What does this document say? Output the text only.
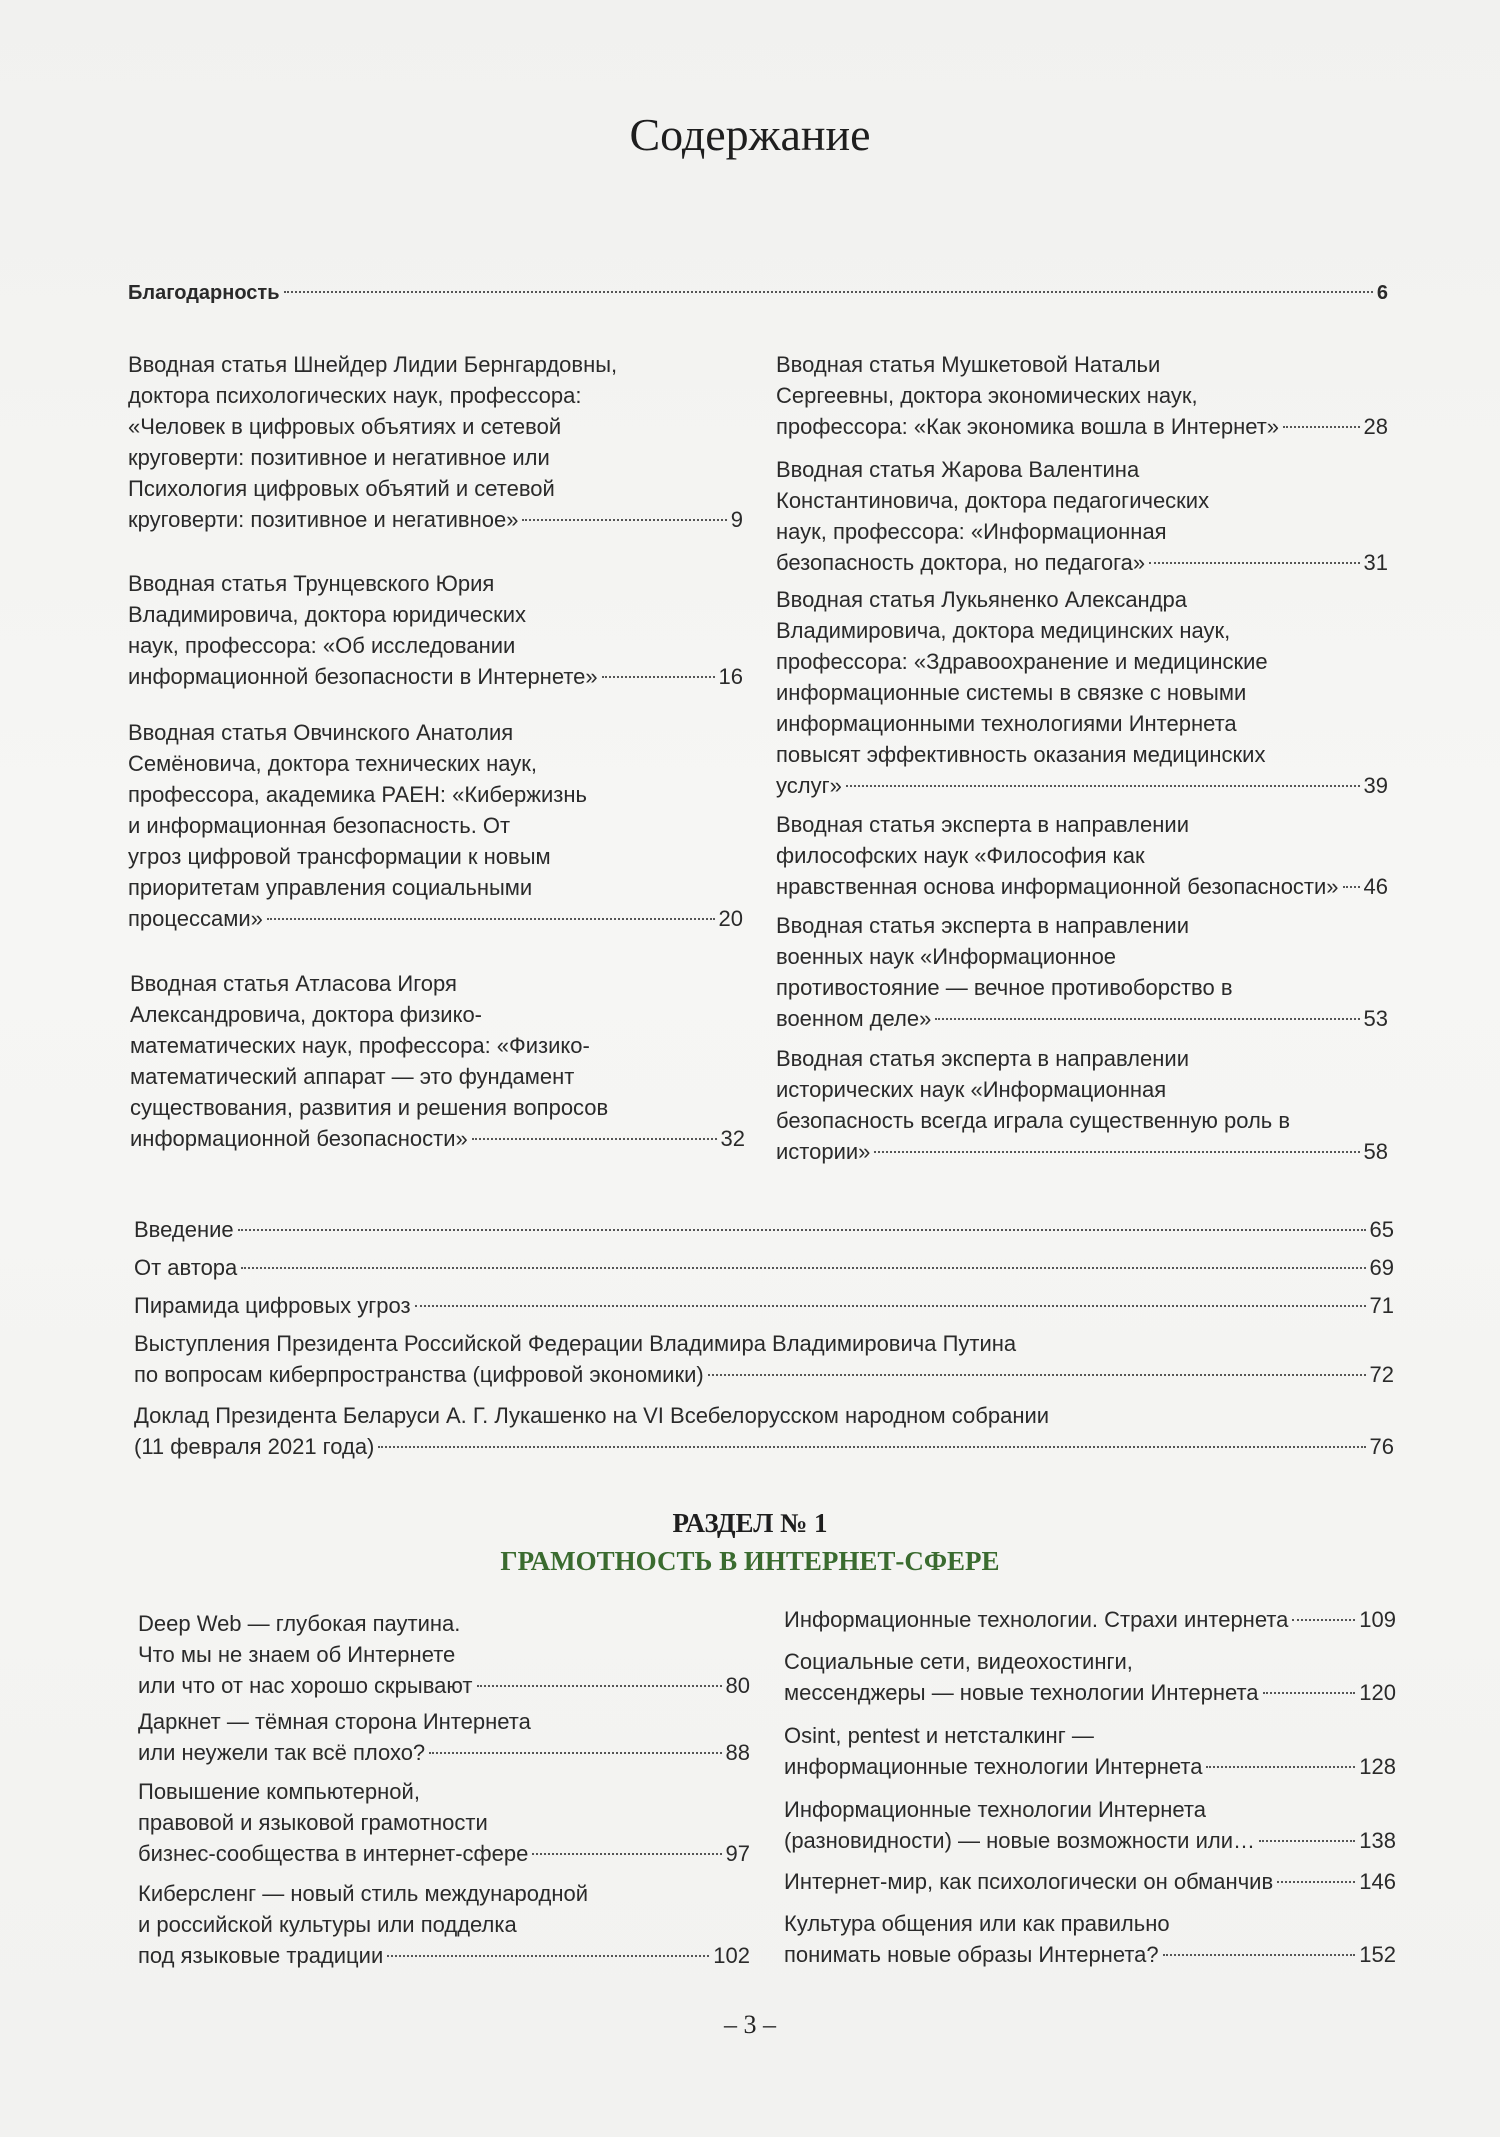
Содержание
Благодарность	6
Вводная статья Шнейдер Лидии Бернгардовны,
доктора психологических наук, профессора:
«Человек в цифровых объятиях и сетевой
круговерти: позитивное и негативное или
Психология цифровых объятий и сетевой
круговерти: позитивное и негативное»	9
Вводная статья Трунцевского Юрия
Владимировича, доктора юридических
наук, профессора: «Об исследовании
информационной безопасности в Интернете»	16
Вводная статья Овчинского Анатолия
Семёновича, доктора технических наук,
профессора, академика РАЕН: «Кибержизнь
и информационная безопасность. От
угроз цифровой трансформации к новым
приоритетам управления социальными
процессами»	20
Вводная статья Атласова Игоря
Александровича, доктора физико-
математических наук, профессора: «Физико-
математический аппарат — это фундамент
существования, развития и решения вопросов
информационной безопасности»	32
Вводная статья Мушкетовой Натальи
Сергеевны, доктора экономических наук,
профессора: «Как экономика вошла в Интернет»	28
Вводная статья Жарова Валентина
Константиновича, доктора педагогических
наук, профессора: «Информационная
безопасность доктора, но педагога»	31
Вводная статья Лукьяненко Александра
Владимировича, доктора медицинских наук,
профессора: «Здравоохранение и медицинские
информационные системы в связке с новыми
информационными технологиями Интернета
повысят эффективность оказания медицинских
услуг»	39
Вводная статья эксперта в направлении
философских наук «Философия как
нравственная основа информационной безопасности» 46
Вводная статья эксперта в направлении
военных наук «Информационное
противостояние — вечное противоборство в
военном деле»	53
Вводная статья эксперта в направлении
исторических наук «Информационная
безопасность всегда играла существенную роль в
истории»	58
Введение	65
От автора	69
Пирамида цифровых угроз	71
Выступления Президента Российской Федерации Владимира Владимировича Путина
по вопросам киберпространства (цифровой экономики)	72
Доклад Президента Беларуси А. Г. Лукашенко на VI Всебелорусском народном собрании
(11 февраля 2021 года)	76
РАЗДЕЛ № 1
ГРАМОТНОСТЬ В ИНТЕРНЕТ-СФЕРЕ
Deep Web — глубокая паутина.
Что мы не знаем об Интернете
или что от нас хорошо скрывают	80
Даркнет — тёмная сторона Интернета
или неужели так всё плохо?	88
Повышение компьютерной,
правовой и языковой грамотности
бизнес-сообщества в интернет-сфере	97
Киберсленг — новый стиль международной
и российской культуры или подделка
под языковые традиции	102
Информационные технологии. Страхи интернета	109
Социальные сети, видеохостинги,
мессенджеры — новые технологии Интернета	120
Osint, pentest и нетсталкинг —
информационные технологии Интернета	128
Информационные технологии Интернета
(разновидности) — новые возможности или…	138
Интернет-мир, как психологически он обманчив	146
Культура общения или как правильно
понимать новые образы Интернета?	152
– 3 –
